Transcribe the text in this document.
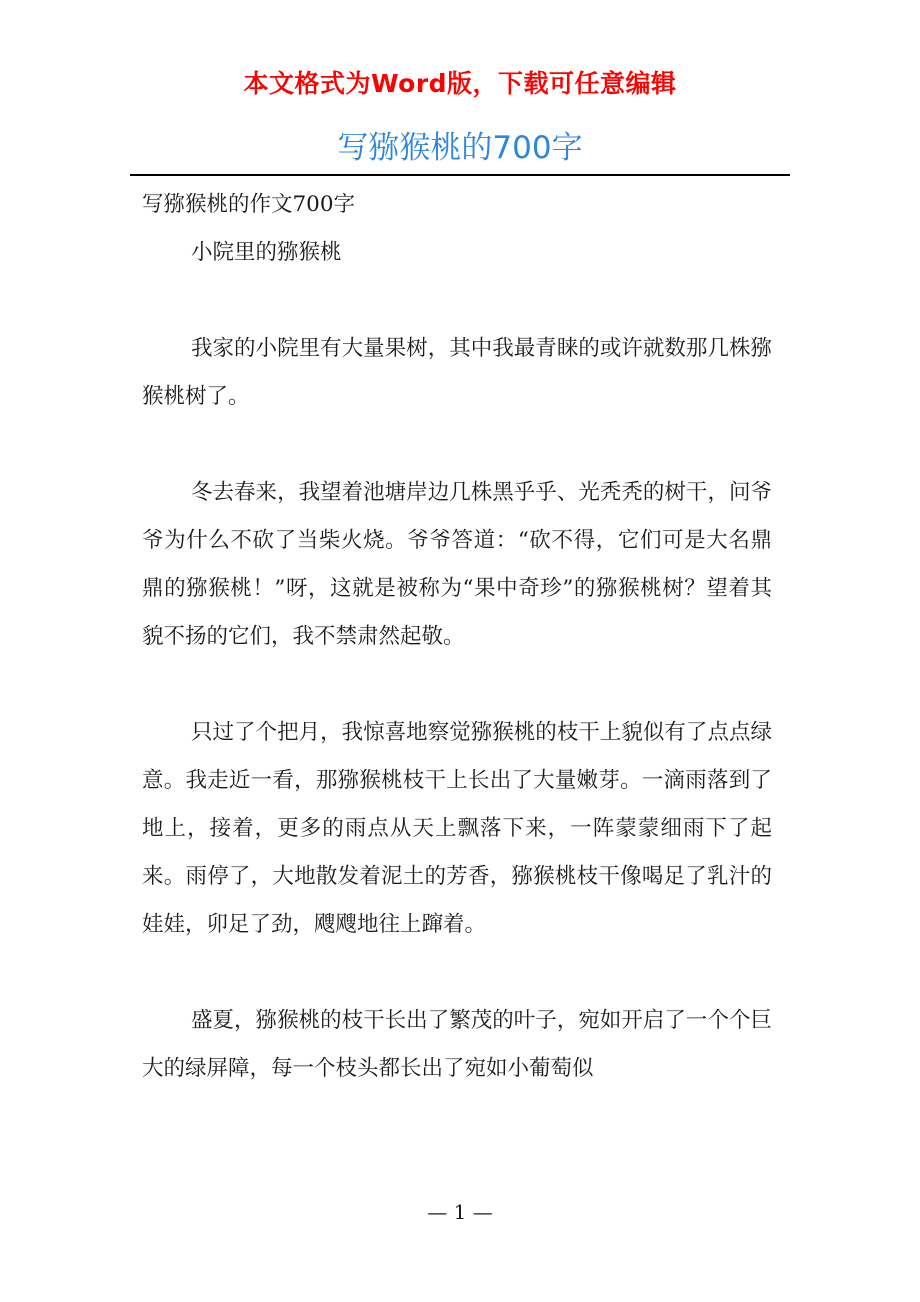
本文格式为Word版，下载可任意编辑
写猕猴桃的700字

写猕猴桃的作文700字

小院里的猕猴桃

我家的小院里有大量果树，其中我最青睐的或许就数那几株猕猴桃树了。

冬去春来，我望着池塘岸边几株黑乎乎、光秃秃的树干，问爷爷为什么不砍了当柴火烧。爷爷答道：“砍不得，它们可是大名鼎鼎的猕猴桃！”呀，这就是被称为“果中奇珍”的猕猴桃树？望着其貌不扬的它们，我不禁肃然起敬。

只过了个把月，我惊喜地察觉猕猴桃的枝干上貌似有了点点绿意。我走近一看，那猕猴桃枝干上长出了大量嫩芽。一滴雨落到了地上，接着，更多的雨点从天上飘落下来，一阵蒙蒙细雨下了起来。雨停了，大地散发着泥土的芳香，猕猴桃枝干像喝足了乳汁的娃娃，卯足了劲，飕飕地往上蹿着。

盛夏，猕猴桃的枝干长出了繁茂的叶子，宛如开启了一个个巨大的绿屏障，每一个枝头都长出了宛如小葡萄似

— 1 —
